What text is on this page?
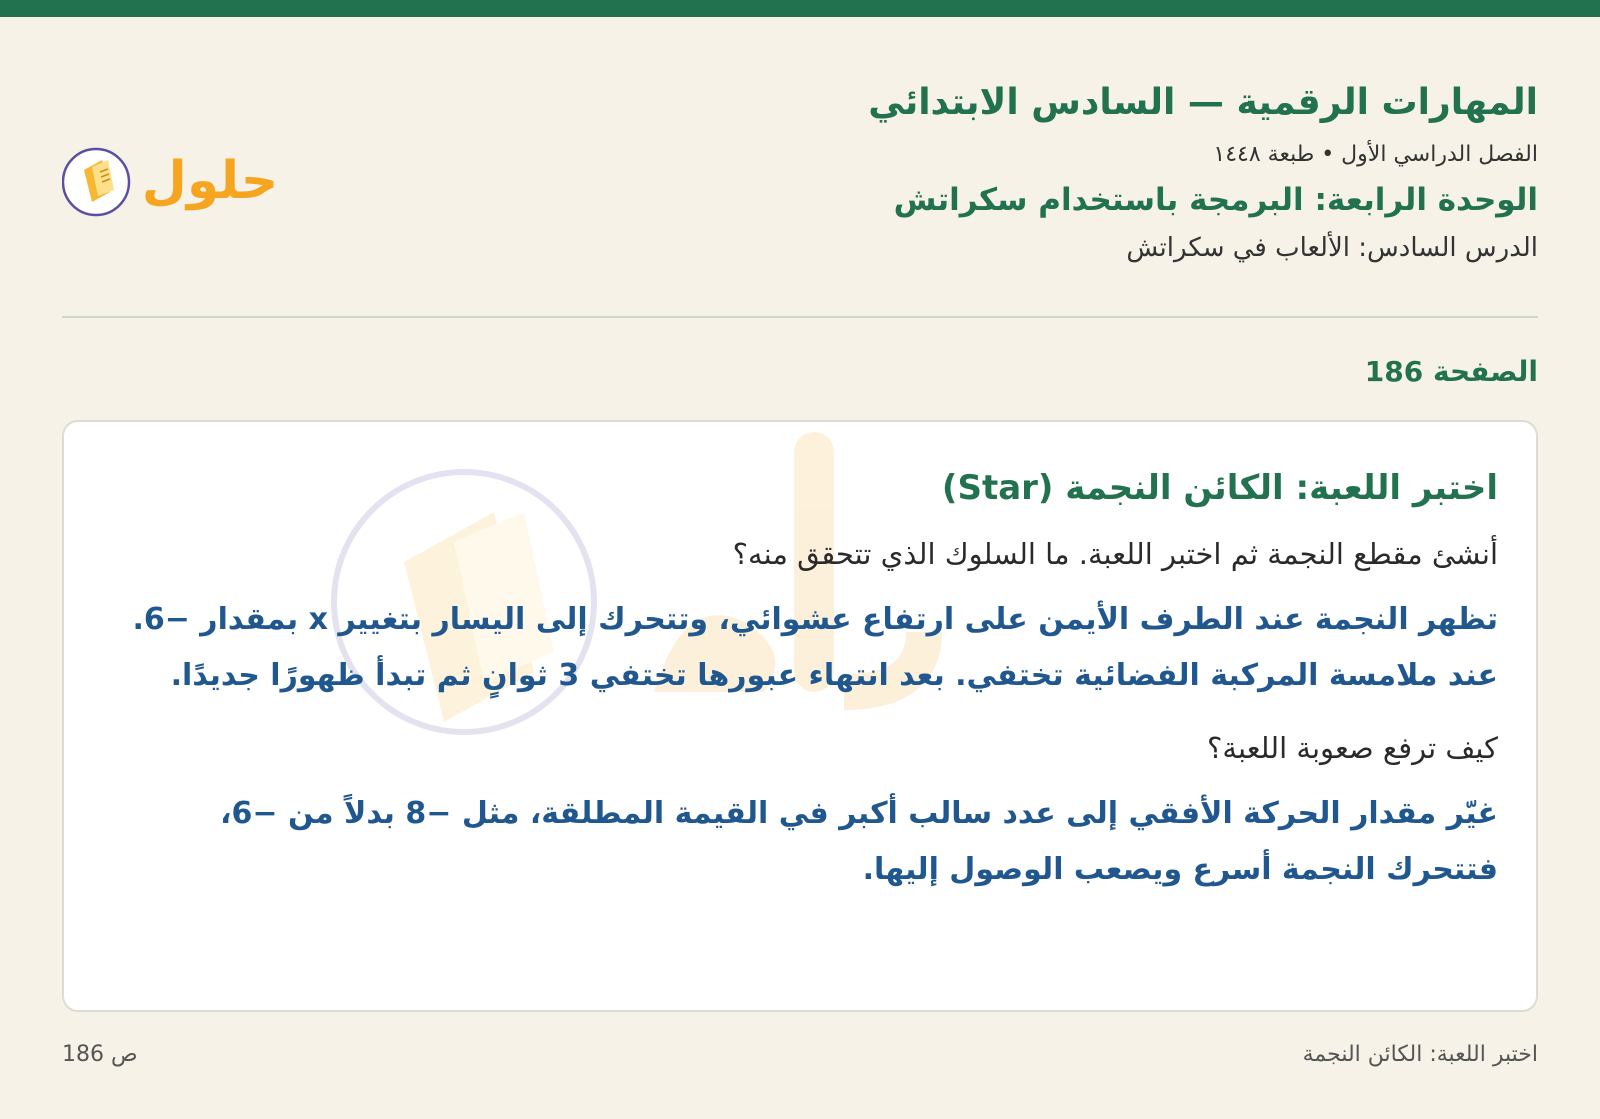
المهارات الرقمية — السادس الابتدائي
الفصل الدراسي الأول • طبعة ١٤٤٨
الوحدة الرابعة: البرمجة باستخدام سكراتش
الدرس السادس: الألعاب في سكراتش
حلول
الصفحة 186
اختبر اللعبة: الكائن النجمة (Star)

أنشئ مقطع النجمة ثم اختبر اللعبة. ما السلوك الذي تتحقق منه؟

تظهر النجمة عند الطرف الأيمن على ارتفاع عشوائي، وتتحرك إلى اليسار بتغيير x بمقدار −6. عند ملامسة المركبة الفضائية تختفي. بعد انتهاء عبورها تختفي 3 ثوانٍ ثم تبدأ ظهورًا جديدًا.

كيف ترفع صعوبة اللعبة؟

غيّر مقدار الحركة الأفقي إلى عدد سالب أكبر في القيمة المطلقة، مثل −8 بدلاً من −6، فتتحرك النجمة أسرع ويصعب الوصول إليها.

اختبر اللعبة: الكائن النجمة
ص 186
